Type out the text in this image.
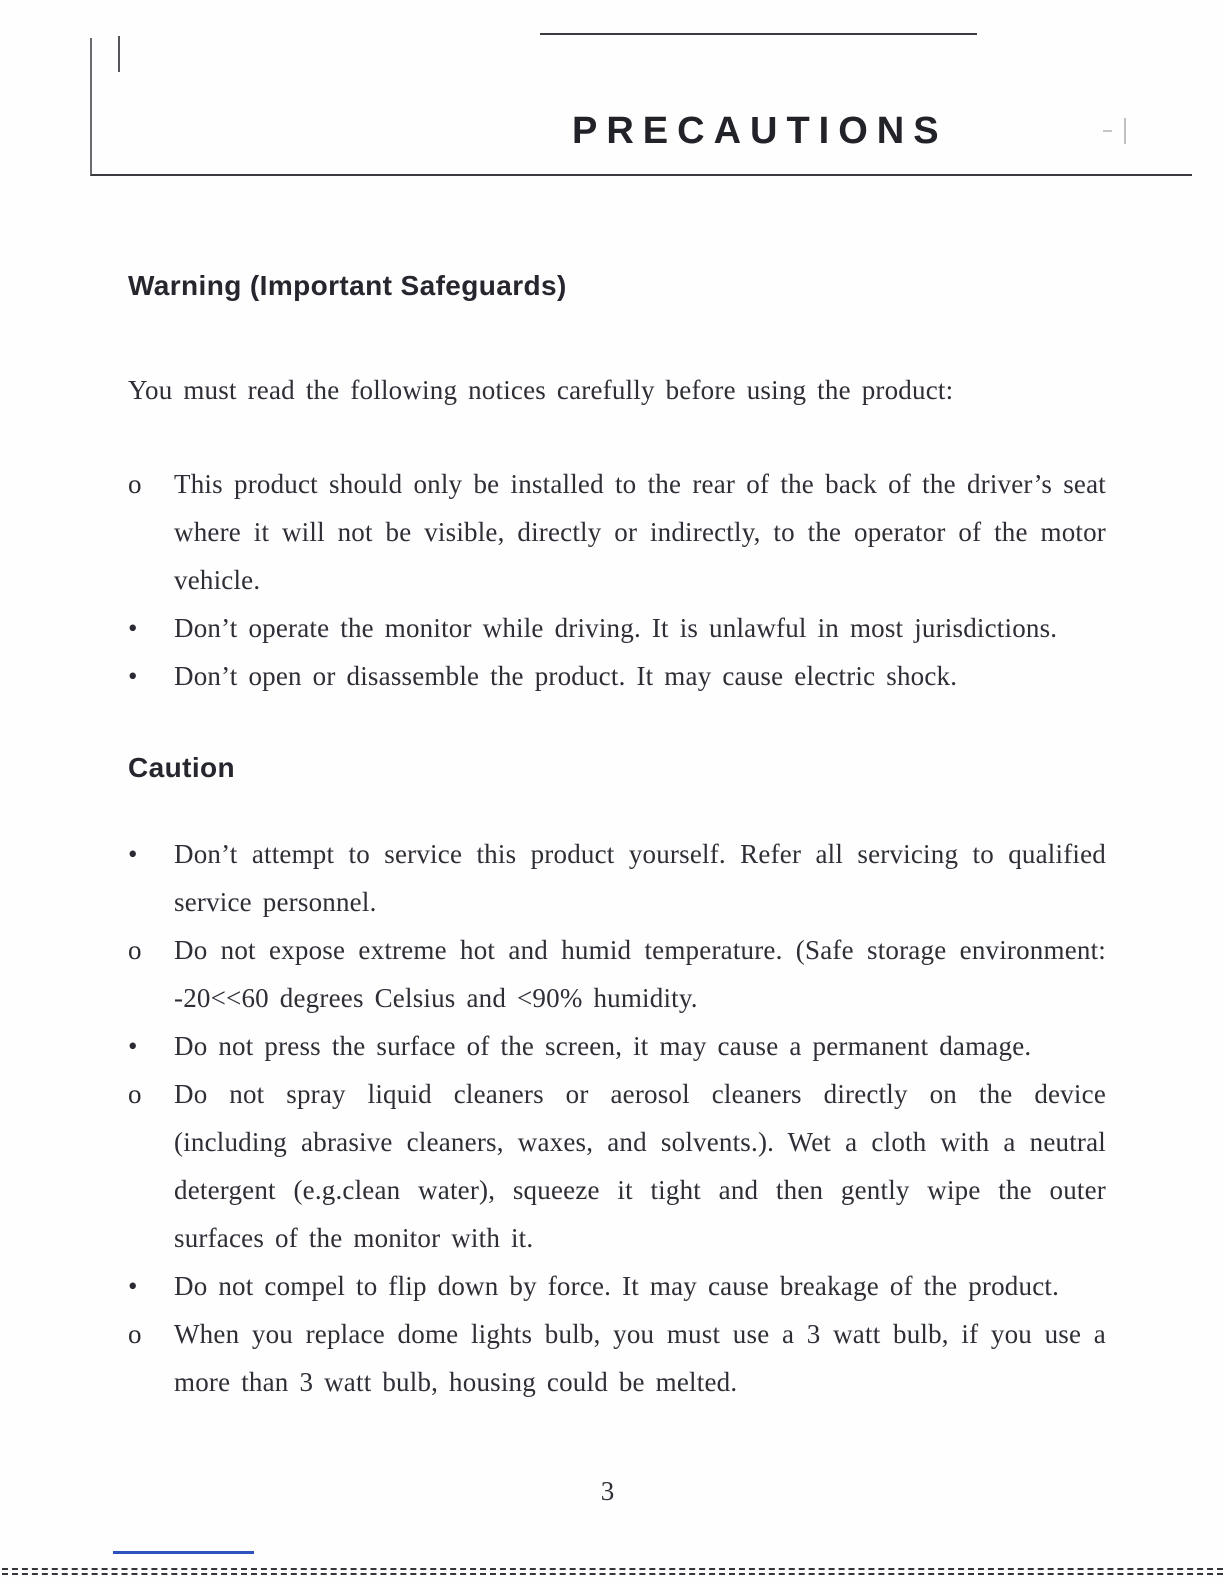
PRECAUTIONS
Warning (Important Safeguards)
You must read the following notices carefully before using the product:
o	This product should only be installed to the rear of the back of the driver’s seat where it will not be visible, directly or indirectly, to the operator of the motor vehicle.
•	Don’t operate the monitor while driving. It is unlawful in most jurisdictions.
•	Don’t open or disassemble the product. It may cause electric shock.
Caution
•	Don’t attempt to service this product yourself. Refer all servicing to qualified service personnel.
o	Do not expose extreme hot and humid temperature. (Safe storage environment: -20<<60 degrees Celsius and <90% humidity.
•	Do not press the surface of the screen, it may cause a permanent damage.
o	Do not spray liquid cleaners or aerosol cleaners directly on the device (including abrasive cleaners, waxes, and solvents.). Wet a cloth with a neutral detergent (e.g.clean water), squeeze it tight and then gently wipe the outer surfaces of the monitor with it.
•	Do not compel to flip down by force. It may cause breakage of the product.
o	When you replace dome lights bulb, you must use a 3 watt bulb, if you use a more than 3 watt bulb, housing could be melted.
3
